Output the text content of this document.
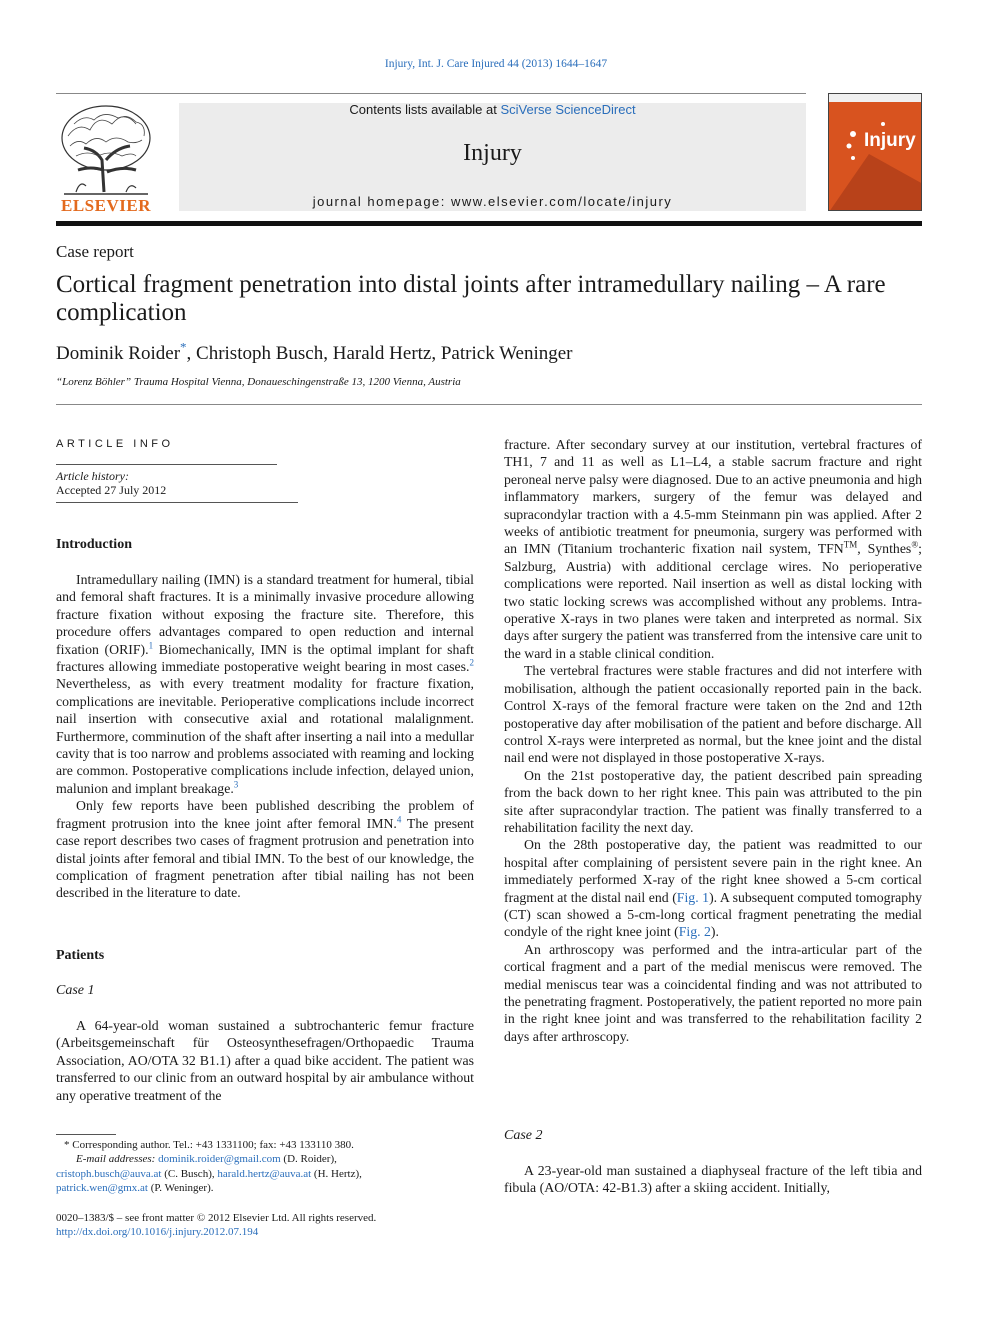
Injury, Int. J. Care Injured 44 (2013) 1644–1647
ELSEVIER
Contents lists available at SciVerse ScienceDirect
Injury
journal homepage: www.elsevier.com/locate/injury
Injury
Case report
Cortical fragment penetration into distal joints after intramedullary nailing – A rare complication
Dominik Roider*, Christoph Busch, Harald Hertz, Patrick Weninger
“Lorenz Böhler” Trauma Hospital Vienna, Donaueschingenstraße 13, 1200 Vienna, Austria
ARTICLE INFO
Article history:
Accepted 27 July 2012
Introduction

Intramedullary nailing (IMN) is a standard treatment for humeral, tibial and femoral shaft fractures. It is a minimally invasive procedure allowing fracture fixation without exposing the fracture site. Therefore, this procedure offers advantages compared to open reduction and internal fixation (ORIF).$^1$ Biomechanically, IMN is the optimal implant for shaft fractures allowing immediate postoperative weight bearing in most cases.$^2$ Nevertheless, as with every treatment modality for fracture fixation, complications are inevitable. Perioperative complications include incorrect nail insertion with consecutive axial and rotational malalignment. Furthermore, comminution of the shaft after inserting a nail into a medullar cavity that is too narrow and problems associated with reaming and locking are common. Postoperative complications include infection, delayed union, malunion and implant breakage.$^3$

Only few reports have been published describing the problem of fragment protrusion into the knee joint after femoral IMN.$^4$ The present case report describes two cases of fragment protrusion and penetration into distal joints after femoral and tibial IMN. To the best of our knowledge, the complication of fragment penetration after tibial nailing has not been described in the literature to date.

Patients
Case 1

A 64-year-old woman sustained a subtrochanteric femur fracture (Arbeitsgemeinschaft für Osteosynthesefragen/Orthopaedic Trauma Association, AO/OTA 32 B1.1) after a quad bike accident. The patient was transferred to our clinic from an outward hospital by air ambulance without any operative treatment of the

fracture. After secondary survey at our institution, vertebral fractures of TH1, 7 and 11 as well as L1–L4, a stable sacrum fracture and right peroneal nerve palsy were diagnosed. Due to an active pneumonia and high inflammatory markers, surgery of the femur was delayed and supracondylar traction with a 4.5-mm Steinmann pin was applied. After 2 weeks of antibiotic treatment for pneumonia, surgery was performed with an IMN (Titanium trochanteric fixation nail system, TFN™, Synthes®; Salzburg, Austria) with additional cerclage wires. No perioperative complications were reported. Nail insertion as well as distal locking with two static locking screws was accomplished without any problems. Intra-operative X-rays in two planes were taken and interpreted as normal. Six days after surgery the patient was transferred from the intensive care unit to the ward in a stable clinical condition.

The vertebral fractures were stable fractures and did not interfere with mobilisation, although the patient occasionally reported pain in the back. Control X-rays of the femoral fracture were taken on the 2nd and 12th postoperative day after mobilisation of the patient and before discharge. All control X-rays were interpreted as normal, but the knee joint and the distal nail end were not displayed in those postoperative X-rays.

On the 21st postoperative day, the patient described pain spreading from the back down to her right knee. This pain was attributed to the pin site after supracondylar traction. The patient was finally transferred to a rehabilitation facility the next day.

On the 28th postoperative day, the patient was readmitted to our hospital after complaining of persistent severe pain in the right knee. An immediately performed X-ray of the right knee showed a 5-cm cortical fragment at the distal nail end (Fig. 1). A subsequent computed tomography (CT) scan showed a 5-cm-long cortical fragment penetrating the medial condyle of the right knee joint (Fig. 2).

An arthroscopy was performed and the intra-articular part of the cortical fragment and a part of the medial meniscus were removed. The medial meniscus tear was a coincidental finding and was not attributed to the penetrating fragment. Postoperatively, the patient reported no more pain in the right knee joint and was transferred to the rehabilitation facility 2 days after arthroscopy.

Case 2

A 23-year-old man sustained a diaphyseal fracture of the left tibia and fibula (AO/OTA: 42-B1.3) after a skiing accident. Initially,

* Corresponding author. Tel.: +43 1331100; fax: +43 133110 380.
E-mail addresses: dominik.roider@gmail.com (D. Roider),
cristoph.busch@auva.at (C. Busch), harald.hertz@auva.at (H. Hertz),
patrick.wen@gmx.at (P. Weninger).
0020–1383/$ – see front matter © 2012 Elsevier Ltd. All rights reserved.
http://dx.doi.org/10.1016/j.injury.2012.07.194
